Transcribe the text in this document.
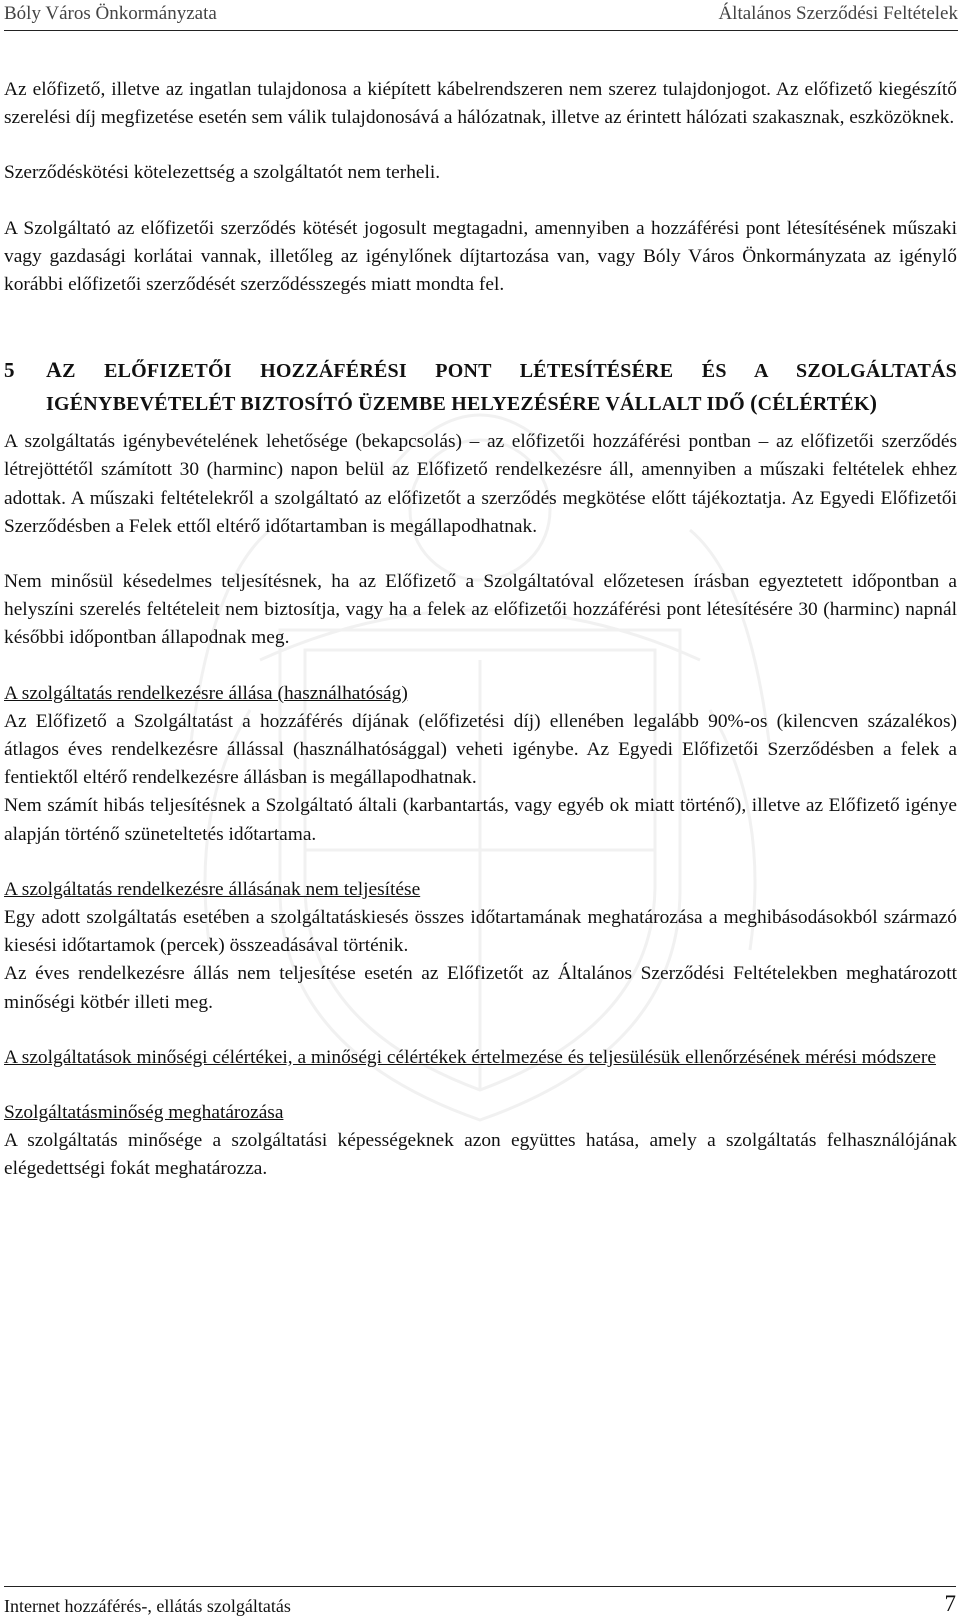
Bóly Város Önkormányzata	Általános Szerződési Feltételek

Az előfizető, illetve az ingatlan tulajdonosa a kiépített kábelrendszeren nem szerez tulajdonjogot. Az előfizető kiegészítő szerelési díj megfizetése esetén sem válik tulajdonosává a hálózatnak, illetve az érintett hálózati szakasznak, eszközöknek.

Szerződéskötési kötelezettség a szolgáltatót nem terheli.

A Szolgáltató az előfizetői szerződés kötését jogosult megtagadni, amennyiben a hozzáférési pont létesítésének műszaki vagy gazdasági korlátai vannak, illetőleg az igénylőnek díjtartozása van, vagy Bóly Város Önkormányzata az igénylő korábbi előfizetői szerződését szerződésszegés miatt mondta fel.

5	AZ ELŐFIZETŐI HOZZÁFÉRÉSI PONT LÉTESÍTÉSÉRE ÉS A SZOLGÁLTATÁS IGÉNYBEVÉTELÉT BIZTOSÍTÓ ÜZEMBE HELYEZÉSÉRE VÁLLALT IDŐ (CÉLÉRTÉK)

A szolgáltatás igénybevételének lehetősége (bekapcsolás) – az előfizetői hozzáférési pontban – az előfizetői szerződés létrejöttétől számított 30 (harminc) napon belül az Előfizető rendelkezésre áll, amennyiben a műszaki feltételek ehhez adottak. A műszaki feltételekről a szolgáltató az előfizetőt a szerződés megkötése előtt tájékoztatja. Az Egyedi Előfizetői Szerződésben a Felek ettől eltérő időtartamban is megállapodhatnak.

Nem minősül késedelmes teljesítésnek, ha az Előfizető a Szolgáltatóval előzetesen írásban egyeztetett időpontban a helyszíni szerelés feltételeit nem biztosítja, vagy ha a felek az előfizetői hozzáférési pont létesítésére 30 (harminc) napnál későbbi időpontban állapodnak meg.

A szolgáltatás rendelkezésre állása (használhatóság)

Az Előfizető a Szolgáltatást a hozzáférés díjának (előfizetési díj) ellenében legalább 90%-os (kilencven százalékos) átlagos éves rendelkezésre állással (használhatósággal) veheti igénybe. Az Egyedi Előfizetői Szerződésben a felek a fentiektől eltérő rendelkezésre állásban is megállapodhatnak.

Nem számít hibás teljesítésnek a Szolgáltató általi (karbantartás, vagy egyéb ok miatt történő), illetve az Előfizető igénye alapján történő szüneteltetés időtartama.

A szolgáltatás rendelkezésre állásának nem teljesítése

Egy adott szolgáltatás esetében a szolgáltatáskiesés összes időtartamának meghatározása a meghibásodásokból származó kiesési időtartamok (percek) összeadásával történik.

Az éves rendelkezésre állás nem teljesítése esetén az Előfizetőt az Általános Szerződési Feltételekben meghatározott minőségi kötbér illeti meg.

A szolgáltatások minőségi célértékei, a minőségi célértékek értelmezése és teljesülésük ellenőrzésének mérési módszere

Szolgáltatásminőség meghatározása

A szolgáltatás minősége a szolgáltatási képességeknek azon együttes hatása, amely a szolgáltatás felhasználójának elégedettségi fokát meghatározza.

Internet hozzáférés-, ellátás szolgáltatás	7
